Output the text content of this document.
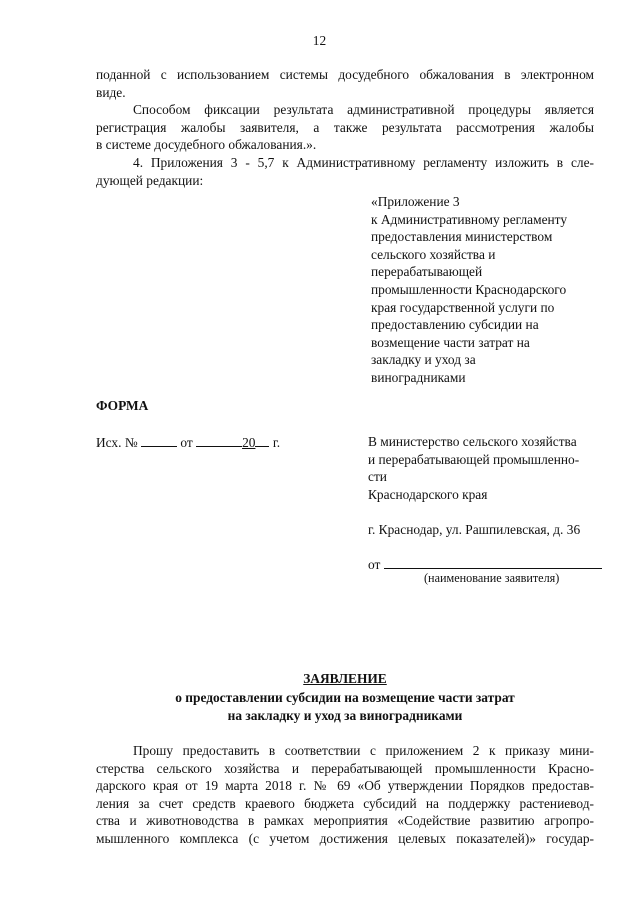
12
поданной с использованием системы досудебного обжалования в электронном
виде.
Способом фиксации результата административной процедуры является
регистрация жалобы заявителя, а также результата рассмотрения жалобы
в системе досудебного обжалования.».
4. Приложения 3 - 5,7 к Административному регламенту изложить в сле-
дующей редакции:
«Приложение 3
к Административному регламенту
предоставления министерством
сельского хозяйства и
перерабатывающей
промышленности Краснодарского
края государственной услуги по
предоставлению субсидии на
возмещение части затрат на
закладку и уход за
виноградниками
ФОРМА
Исх. №	от	20 г.	В министерство сельского хозяйства
и перерабатывающей промышленно-
сти
Краснодарского края
г. Краснодар, ул. Рашпилевская, д. 36
от
(наименование заявителя)
ЗАЯВЛЕНИЕ
о предоставлении субсидии на возмещение части затрат
на закладку и уход за виноградниками
Прошу предоставить в соответствии с приложением 2 к приказу мини-
стерства сельского хозяйства и перерабатывающей промышленности Красно-
дарского края от 19 марта 2018 г. № 69 «Об утверждении Порядков предостав-
ления за счет средств краевого бюджета субсидий на поддержку растениевод-
ства и животноводства в рамках мероприятия «Содействие развитию агропро-
мышленного комплекса (с учетом достижения целевых показателей)» государ-
